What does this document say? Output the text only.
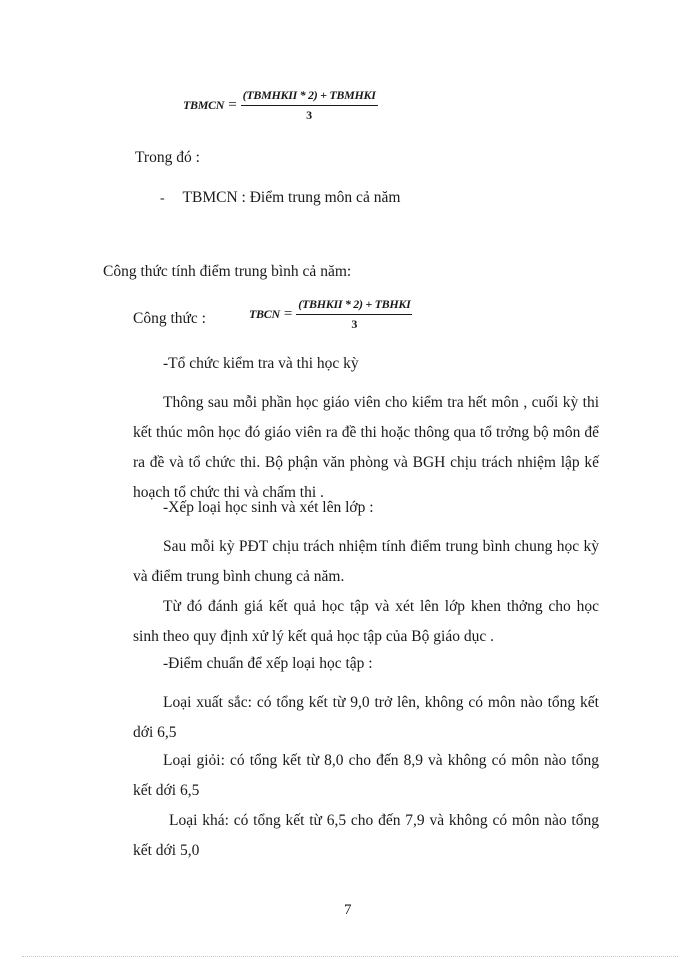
TBMCN = $\frac{\text{(TBMHKII * 2) + TBMHKI}}{3}$
Trong đó :
- TBMCN : Điểm trung môn cả năm
Công thức tính điểm trung bình cả năm:
Công thức :	TBCN = $\frac{\text{(TBHKII * 2) + TBHKI}}{3}$
-Tổ chức kiểm tra và thi học kỳ
Thông sau mỗi phần học giáo viên cho kiểm tra hết môn , cuối kỳ thi kết thúc môn học đó giáo viên ra đề thi hoặc thông qua tổ trởng bộ môn để ra đề và tổ chức thi. Bộ phận văn phòng và BGH chịu trách nhiệm lập kế hoạch tổ chức thi và chấm thi .
-Xếp loại học sinh và xét lên lớp :
Sau mỗi kỳ PĐT chịu trách nhiệm tính điểm trung bình chung học kỳ và điểm trung bình chung cả năm.
Từ đó đánh giá kết quả học tập và xét lên lớp khen thởng cho học sinh theo quy định xử lý kết quả học tập của Bộ giáo dục .
-Điểm chuẩn để xếp loại học tập :
Loại xuất sắc: có tổng kết từ 9,0 trở lên, không có môn nào tổng kết dới 6,5
Loại giỏi: có tổng kết từ 8,0 cho đến 8,9 và không có môn nào tổng kết dới 6,5
Loại khá: có tổng kết từ 6,5 cho đến 7,9 và không có môn nào tổng kết dới 5,0
7
